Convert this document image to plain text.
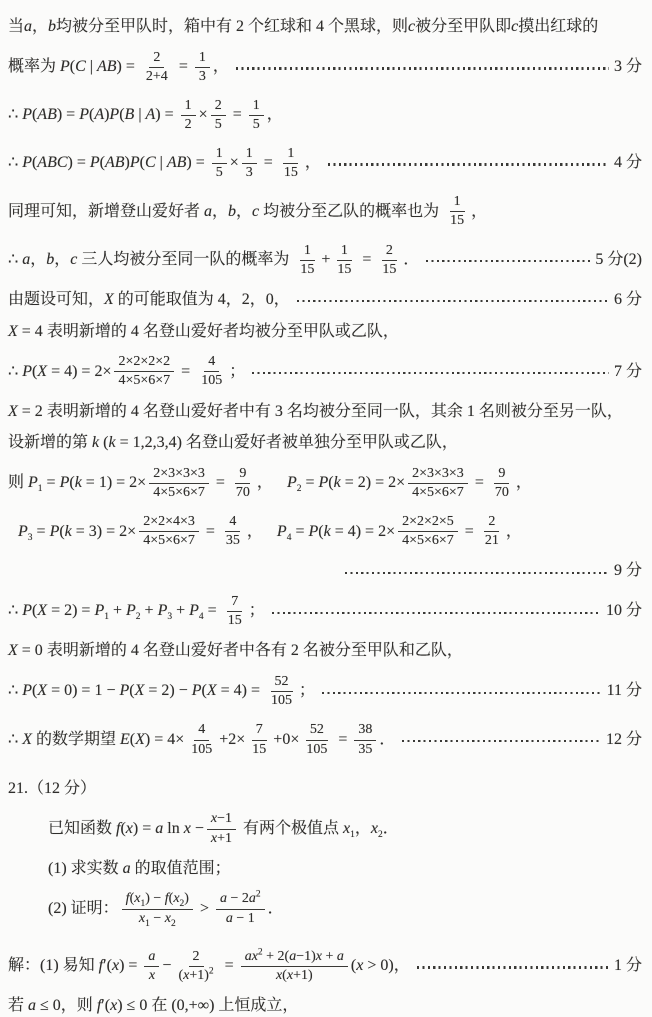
当a，b均被分至甲队时，箱中有 2 个红球和 4 个黑球，则c被分至甲队即c摸出红球的
概率为 P(C | $AB) = \frac{2}{2+4} = \frac{1}{3}$ ，	3 分
∴ P(AB) = P(A)P(B | $A) = \frac{1}{2} \times \frac{2}{5} = \frac{1}{5}$ ，
∴ P(ABC) = P(AB)P(C | $AB) = \frac{1}{5} \times \frac{1}{3} = \frac{1}{15}$ ，	4 分
同理可知，新增登山爱好者 a，b，c 均被分至乙队的概率也为 $\frac{1}{15}$ ，
∴ a ， b ， c 三人均被分至同一队的概率为 $\frac{1}{15} + \frac{1}{15} = \frac{2}{15}$ ．	5 分(2)
由题设可知， X 的可能取值为 4，2，0，	6 分
X = 4 表明新增的 4 名登山爱好者均被分至甲队或乙队，
∴ $P(X = 4) = 2\times \frac{2\times 2\times 2\times 2}{4\times 5\times 6\times 7} = \frac{4}{105}$ ；	7 分
X = 2 表明新增的 4 名登山爱好者中有 3 名均被分至同一队，其余 1 名则被分至另一队，
设新增的第 k (k = 1,2,3,4) 名登山爱好者被单独分至甲队或乙队，
则 $P_1 = P(k = 1) = 2\times \frac{2\times 3\times 3\times 3}{4\times 5\times 6\times 7} = \frac{9}{70}$ ， $P_2 = P(k = 2) = 2\times \frac{2\times 3\times 3\times 3}{4\times 5\times 6\times 7} = \frac{9}{70}$ ，
$P_3 = P(k = 3) = 2\times \frac{2\times 2\times 4\times 3}{4\times 5\times 6\times 7} = \frac{4}{35}$ ， $P_4 = P(k = 4) = 2\times \frac{2\times 2\times 2\times 5}{4\times 5\times 6\times 7} = \frac{2}{21}$ ，
9 分
∴ $P(X = 2) = P_1 + P_2 + P_3 + P_4 = \frac{7}{15}$ ；	10 分
X = 0 表明新增的 4 名登山爱好者中各有 2 名被分至甲队和乙队，
∴ $P(X = 0) = 1 - P(X = 2) - P(X = 4) = \frac{52}{105}$ ；	11 分
∴ X 的数学期望 $E(X) = 4\times \frac{4}{105} +2\times \frac{7}{15} +0\times \frac{52}{105} = \frac{38}{35}$ ．	12 分
21.（12 分）
已知函数 f(x) = a $\ln x - \frac{x-1}{x+1}$ 有两个极值点 $x_1$，$x_2$．
(1) 求实数 a 的取值范围；
(2) 证明： $\frac{f(x_1) - f(x_2)}{x_1 - x_2} > \frac{a - 2a^2}{a - 1}$ ．
解：(1) 易知 $f'(x) = \frac{a}{x} - \frac{2}{(x+1)^2} = \frac{ax^2 + 2(a-1)x + a}{x(x+1)} (x > 0)$ ，	1 分
若 a ≤ 0，则 f′(x) ≤ 0 在 (0,+∞) 上恒成立，
